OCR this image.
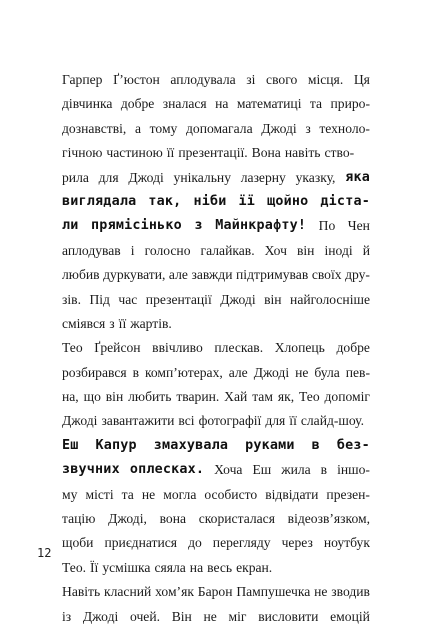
Гарпер Ґ’юстон аплодувала зі свого місця. Ця
дівчинка добре зналася на математиці та приро-
дознавстві, а тому допомагала Джоді з техноло-
гічною частиною її презентації. Вона навіть ство-
рила для Джоді унікальну лазерну указку, яка
виглядала так, ніби її щойно діста-
ли прямісінько з Майнкрафту! По Чен
аплодував і голосно галайкав. Хоч він іноді й
любив дуркувати, але завжди підтримував своїх дру-
зів. Під час презентації Джоді він найголосніше
сміявся з її жартів.
Тео Ґрейсон ввічливо плескав. Хлопець добре
розбирався в комп’ютерах, але Джоді не була пев-
на, що він любить тварин. Хай там як, Тео допоміг
Джоді завантажити всі фотографії для її слайд-шоу.
Еш Капур змахувала руками в без-
звучних оплесках. Хоча Еш жила в іншо-
му місті та не могла особисто відвідати презен-
тацію Джоді, вона скористалася відеозв’язком,
щоби приєднатися до перегляду через ноутбук
Тео. Її усмішка сяяла на весь екран.
Навіть класний хом’як Барон Пампушечка не зводив
із Джоді очей. Він не міг висловити емоцій
12
